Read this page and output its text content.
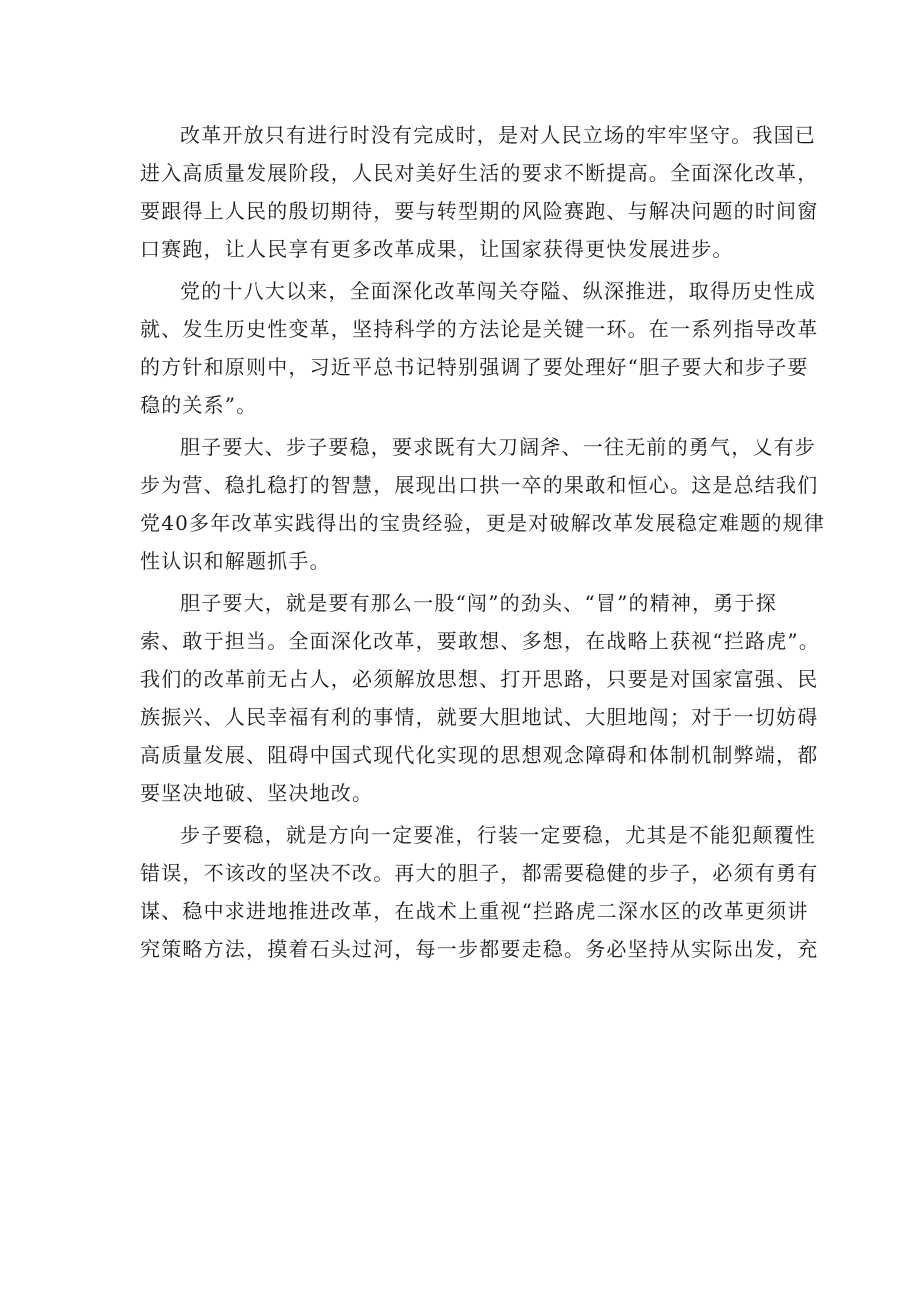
改革开放只有进行时没有完成时，是对人民立场的牢牢坚守。我国已
进入高质量发展阶段，人民对美好生活的要求不断提高。全面深化改革，
要跟得上人民的殷切期待，要与转型期的风险赛跑、与解决问题的时间窗
口赛跑，让人民享有更多改革成果，让国家获得更快发展进步。

党的十八大以来，全面深化改革闯关夺隘、纵深推进，取得历史性成
就、发生历史性变革，坚持科学的方法论是关键一环。在一系列指导改革
的方针和原则中，习近平总书记特别强调了要处理好“胆子要大和步子要
稳的关系”。

胆子要大、步子要稳，要求既有大刀阔斧、一往无前的勇气，乂有步
步为营、稳扎稳打的智慧，展现出口拱一卒的果敢和恒心。这是总结我们
党40多年改革实践得出的宝贵经验，更是对破解改革发展稳定难题的规律
性认识和解题抓手。

胆子要大，就是要有那么一股“闯”的劲头、“冒”的精神，勇于探
索、敢于担当。全面深化改革，要敢想、多想，在战略上获视“拦路虎”。
我们的改革前无占人，必须解放思想、打开思路，只要是对国家富强、民
族振兴、人民幸福有利的事情，就要大胆地试、大胆地闯；对于一切妨碍
高质量发展、阻碍中国式现代化实现的思想观念障碍和体制机制弊端，都
要坚决地破、坚决地改。

步子要稳，就是方向一定要准，行装一定要稳，尤其是不能犯颠覆性
错误，不该改的坚决不改。再大的胆子，都需要稳健的步子，必须有勇有
谋、稳中求进地推进改革，在战术上重视“拦路虎二深水区的改革更须讲
究策略方法，摸着石头过河，每一步都要走稳。务必坚持从实际出发，充
